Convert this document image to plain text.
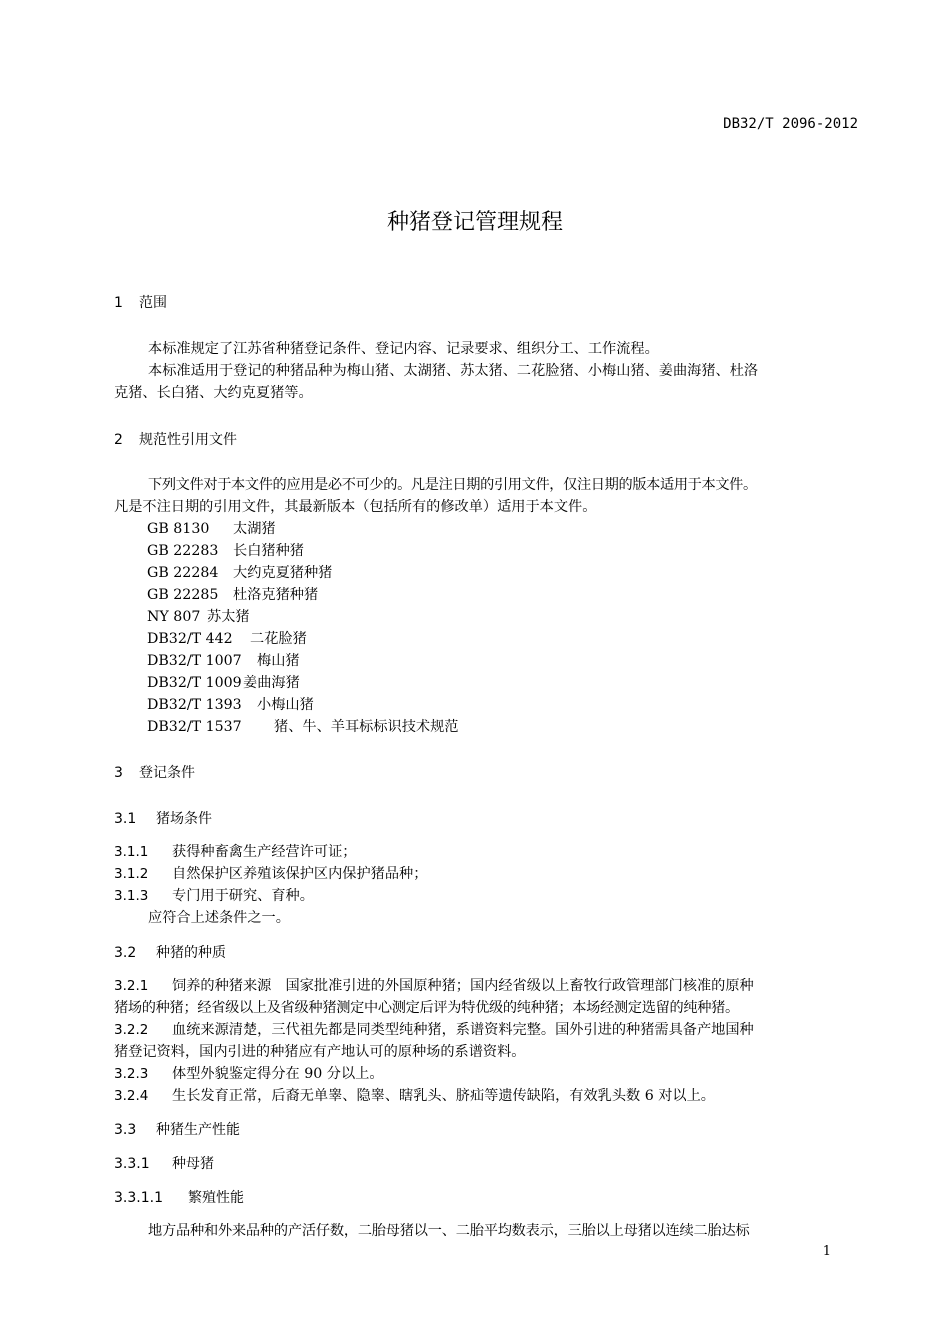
DB32/T 2096-2012
种猪登记管理规程
1 范围
本标准规定了江苏省种猪登记条件、登记内容、记录要求、组织分工、工作流程。
本标准适用于登记的种猪品种为梅山猪、太湖猪、苏太猪、二花脸猪、小梅山猪、姜曲海猪、杜洛
克猪、长白猪、大约克夏猪等。
2 规范性引用文件
下列文件对于本文件的应用是必不可少的。凡是注日期的引用文件，仅注日期的版本适用于本文件。
凡是不注日期的引用文件，其最新版本（包括所有的修改单）适用于本文件。
GB 8130 太湖猪
GB 22283 长白猪种猪
GB 22284 大约克夏猪种猪
GB 22285 杜洛克猪种猪
NY 807 苏太猪
DB32/T 442 二花脸猪
DB32/T 1007 梅山猪
DB32/T 1009姜曲海猪
DB32/T 1393 小梅山猪
DB32/T 1537 猪、牛、羊耳标标识技术规范
3 登记条件
3.1 猪场条件
3.1.1 获得种畜禽生产经营许可证；
3.1.2 自然保护区养殖该保护区内保护猪品种；
3.1.3 专门用于研究、育种。
应符合上述条件之一。
3.2 种猪的种质
3.2.1 饲养的种猪来源　国家批准引进的外国原种猪；国内经省级以上畜牧行政管理部门核准的原种
猪场的种猪；经省级以上及省级种猪测定中心测定后评为特优级的纯种猪；本场经测定选留的纯种猪。
3.2.2 血统来源清楚，三代祖先都是同类型纯种猪，系谱资料完整。国外引进的种猪需具备产地国种
猪登记资料，国内引进的种猪应有产地认可的原种场的系谱资料。
3.2.3 体型外貌鉴定得分在 90 分以上。
3.2.4 生长发育正常，后裔无单睾、隐睾、瞎乳头、脐疝等遗传缺陷，有效乳头数 6 对以上。
3.3 种猪生产性能
3.3.1 种母猪
3.3.1.1 繁殖性能
地方品种和外来品种的产活仔数，二胎母猪以一、二胎平均数表示，三胎以上母猪以连续二胎达标
1
